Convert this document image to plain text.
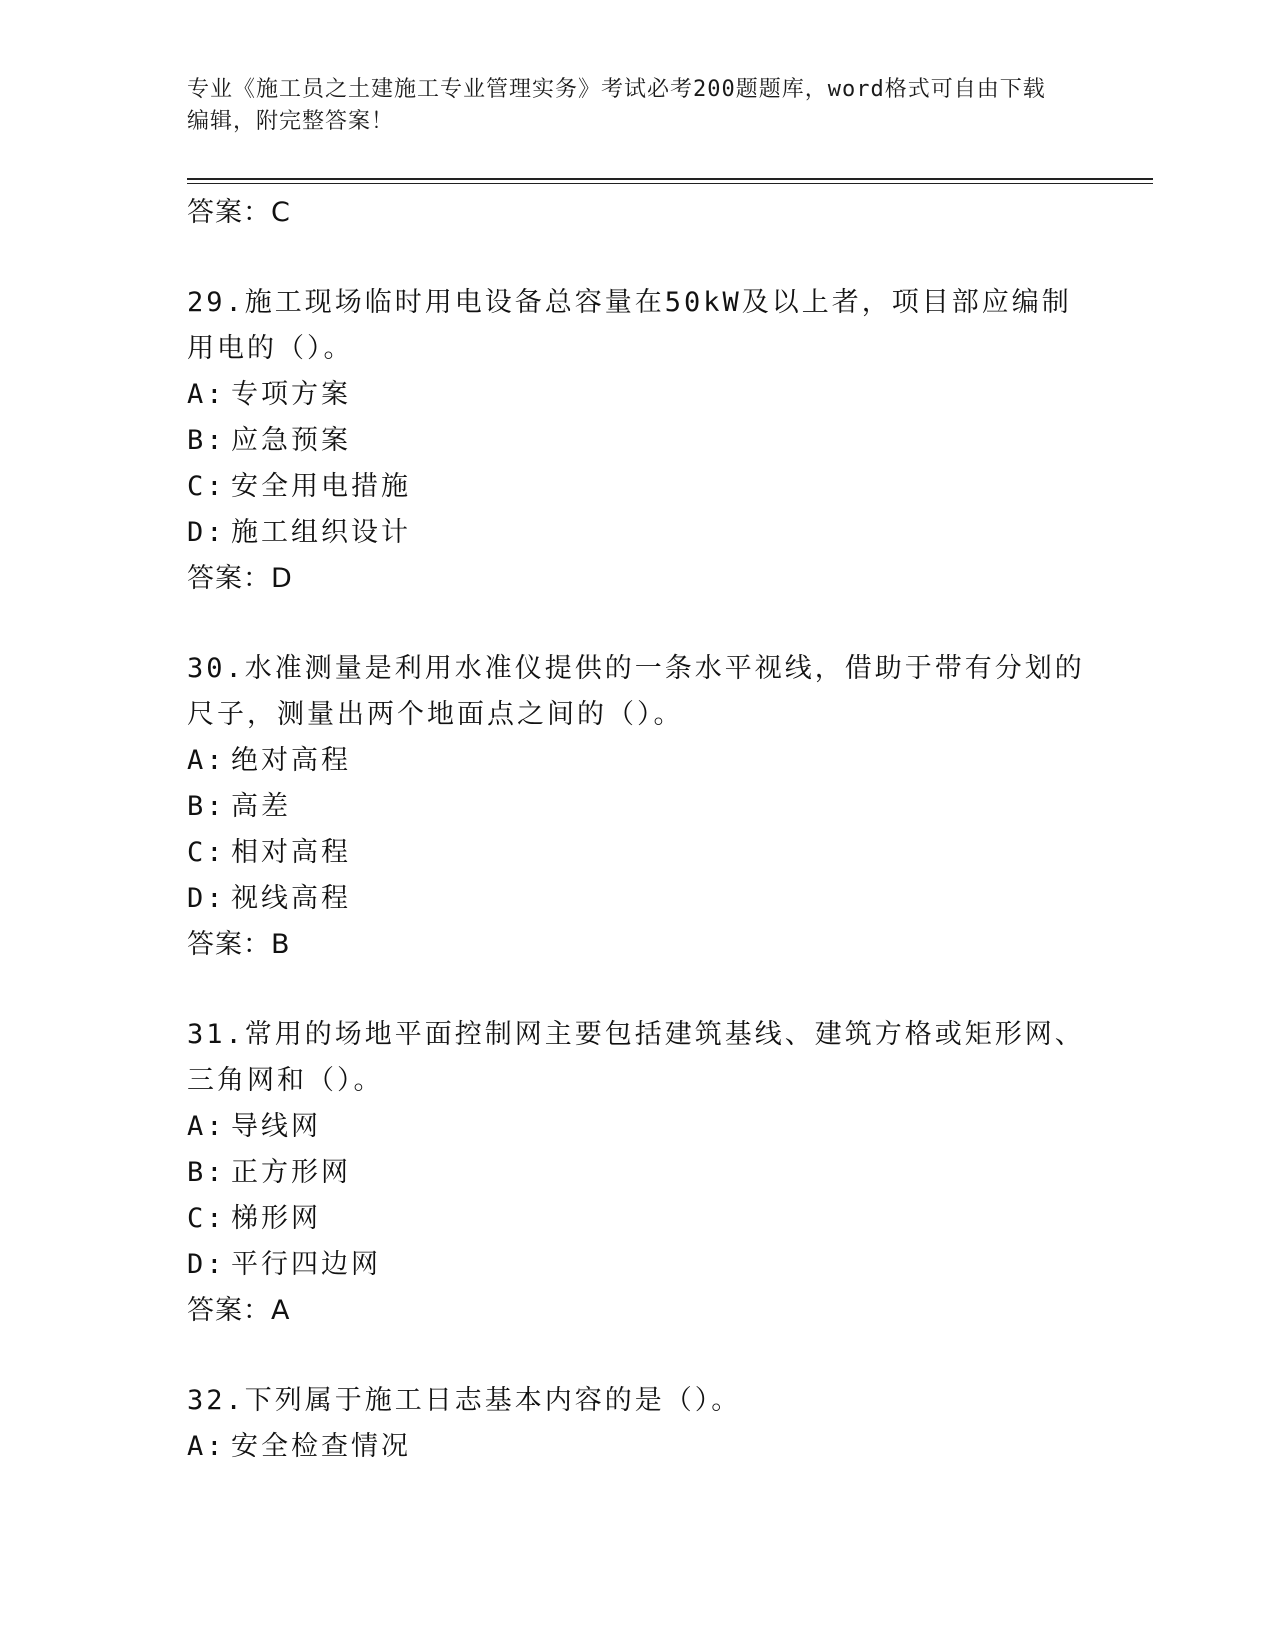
专业《施工员之土建施工专业管理实务》考试必考200题题库，word格式可自由下载编辑，附完整答案！

答案：C

29.施工现场临时用电设备总容量在50kW及以上者，项目部应编制用电的（）。

A: 专项方案

B: 应急预案

C: 安全用电措施

D: 施工组织设计

答案：D

30.水准测量是利用水准仪提供的一条水平视线，借助于带有分划的尺子，测量出两个地面点之间的（）。

A: 绝对高程

B: 高差

C: 相对高程

D: 视线高程

答案：B

31.常用的场地平面控制网主要包括建筑基线、建筑方格或矩形网、三角网和（）。

A: 导线网

B: 正方形网

C: 梯形网

D: 平行四边网

答案：A

32.下列属于施工日志基本内容的是（）。

A: 安全检查情况
